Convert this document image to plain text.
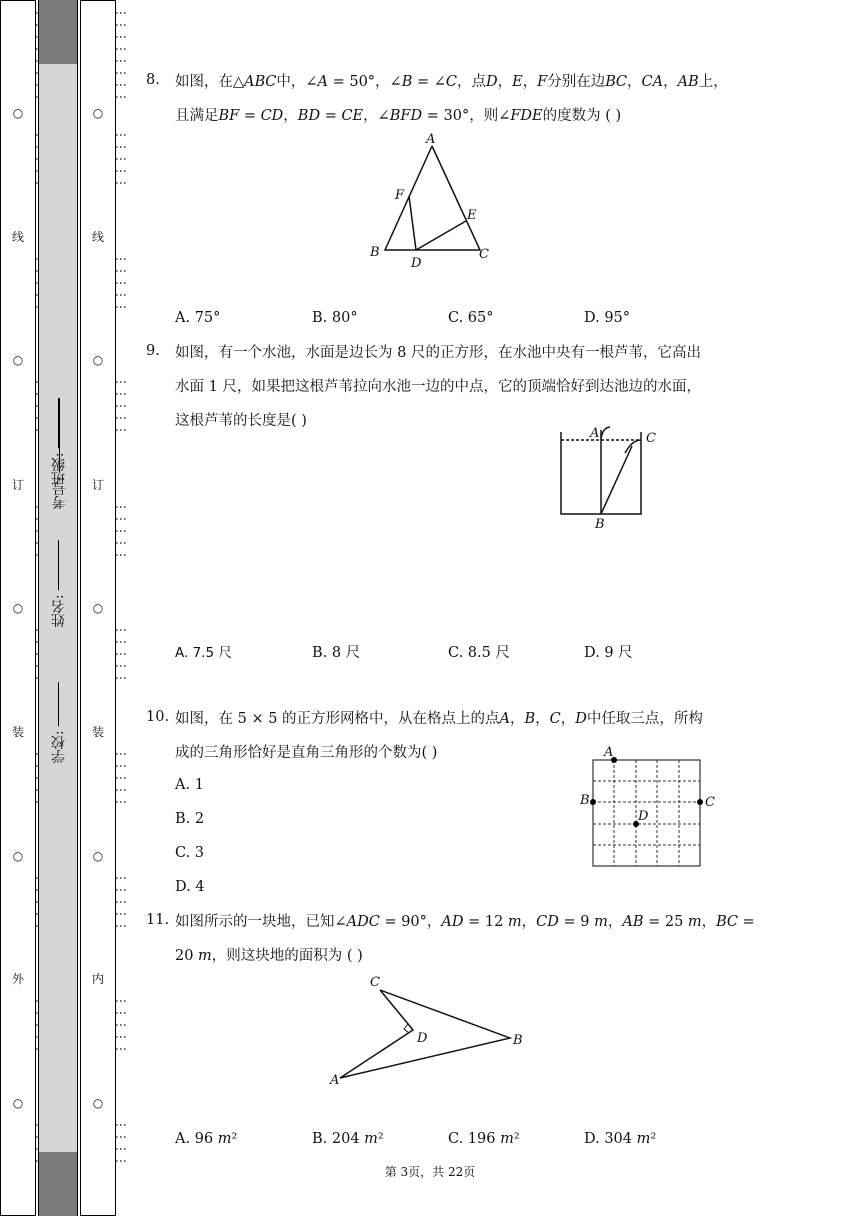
○
线
○
订
○
装
○
外
○
学校:
姓名:
班级:
考号:
⋮⋮⋮⋮⋮⋮⋮⋮
○
⋮⋮⋮⋮⋮
线
⋮⋮⋮⋮⋮
○
⋮⋮⋮⋮⋮
订
⋮⋮⋮⋮⋮
○
⋮⋮⋮⋮⋮
装
⋮⋮⋮⋮⋮
○
⋮⋮⋮⋮⋮
内
⋮⋮⋮⋮⋮
○
⋮⋮⋮⋮
8. 如图，在△𝐴𝐵𝐶中，∠𝐴 = 50°，∠𝐵 = ∠𝐶，点𝐷，𝐸，𝐹分别在边𝐵𝐶，𝐶𝐴，𝐴𝐵上，
且满足𝐵𝐹 = 𝐶𝐷，𝐵𝐷 = 𝐶𝐸，∠𝐵𝐹𝐷 = 30°，则∠𝐹𝐷𝐸的度数为 ( )
A
B	C
D
E
F
A. 75°	B. 80°	C. 65°	D. 95°
9. 如图，有一个水池，水面是边长为 8 尺的正方形，在水池中央有一根芦苇，它高出
水面 1 尺，如果把这根芦苇拉向水池一边的中点，它的顶端恰好到达池边的水面，
这根芦苇的长度是( )
A
B
C
A. 7.5 尺	B. 8 尺	C. 8.5 尺	D. 9 尺
10. 如图，在 5 × 5 的正方形网格中，从在格点上的点𝐴，𝐵，𝐶，𝐷中任取三点，所构
成的三角形恰好是直角三角形的个数为( )	A
B	C
D
A. 1
B. 2
C. 3
D. 4
11. 如图所示的一块地，已知∠𝐴𝐷𝐶 = 90°，𝐴𝐷 = 12 𝑚，𝐶𝐷 = 9 𝑚，𝐴𝐵 = 25 𝑚，𝐵𝐶 =
20 𝑚，则这块地的面积为 ( )
A
B
C
D
A. 96 𝑚²	B. 204 𝑚²	C. 196 𝑚²	D. 304 𝑚²
第 3页，共 22页
